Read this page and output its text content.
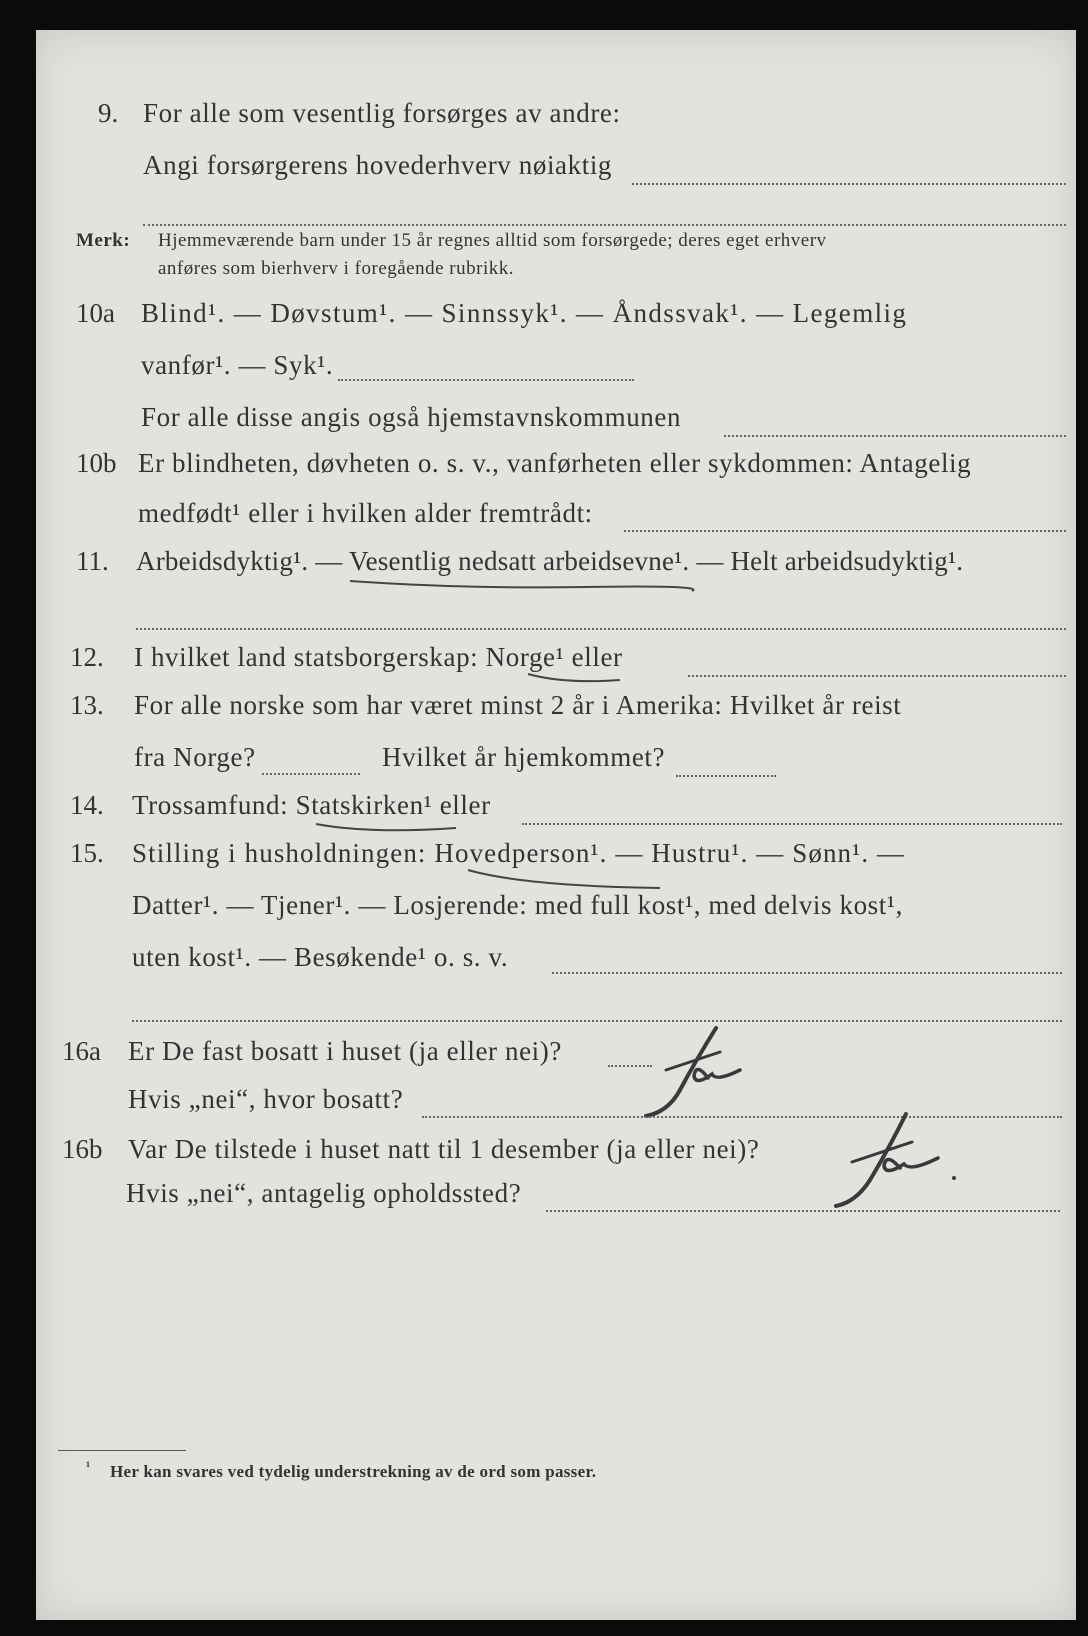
9. For alle som vesentlig forsørges av andre:
Angi forsørgerens hovederhverv nøiaktig
Merk: Hjemmeværende barn under 15 år regnes alltid som forsørgede; deres eget erhverv
anføres som bierhverv i foregående rubrikk.
10a Blind¹. — Døvstum¹. — Sinnssyk¹. — Åndssvak¹. — Legemlig
vanfør¹. — Syk¹.
For alle disse angis også hjemstavnskommunen
10b Er blindheten, døvheten o. s. v., vanførheten eller sykdommen: Antagelig
medfødt¹ eller i hvilken alder fremtrådt:
11. Arbeidsdyktig¹. — Vesentlig nedsatt arbeidsevne¹. — Helt arbeidsudyktig¹.
12. I hvilket land statsborgerskap: Norge¹ eller
13. For alle norske som har været minst 2 år i Amerika: Hvilket år reist
fra Norge?	Hvilket år hjemkommet?
14. Trossamfund: Statskirken¹ eller
15. Stilling i husholdningen: Hovedperson¹. — Hustru¹. — Sønn¹. —
Datter¹. — Tjener¹. — Losjerende: med full kost¹, med delvis kost¹,
uten kost¹. — Besøkende¹ o. s. v.
16a Er De fast bosatt i huset (ja eller nei)?
Ja
Hvis „nei“, hvor bosatt?
16b Var De tilstede i huset natt til 1 desember (ja eller nei)?
Ja
Hvis „nei“, antagelig opholdssted?
¹ Her kan svares ved tydelig understrekning av de ord som passer.
